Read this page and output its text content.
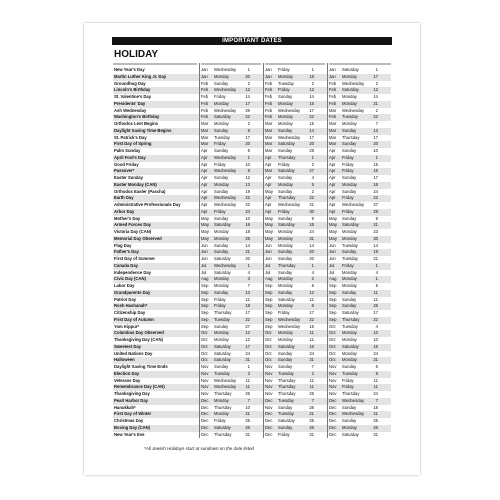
IMPORTANT DATES
HOLIDAY
New Year's Day	Jan	Wednesday	1	Jan	Friday	1	Jan	Saturday	1
Martin Luther King Jr. Day	Jan	Monday	20	Jan	Monday	18	Jan	Monday	17
Groundhog Day	Feb	Sunday	2	Feb	Tuesday	2	Feb	Wednesday	2
Lincoln's Birthday	Feb	Wednesday	12	Feb	Friday	12	Feb	Saturday	12
St. Valentine's Day	Feb	Friday	14	Feb	Sunday	14	Feb	Monday	14
Presidents' Day	Feb	Monday	17	Feb	Monday	15	Feb	Monday	21
Ash Wednesday	Feb	Wednesday	26	Feb	Wednesday	17	Mar	Wednesday	2
Washington's Birthday	Feb	Saturday	22	Feb	Monday	22	Feb	Tuesday	22
Orthodox Lent Begins	Mar	Monday	2	Mar	Monday	15	Mar	Monday	7
Daylight Saving Time Begins	Mar	Sunday	8	Mar	Sunday	14	Mar	Sunday	13
St. Patrick's Day	Mar	Tuesday	17	Mar	Wednesday	17	Mar	Thursday	17
First Day of Spring	Mar	Friday	20	Mar	Saturday	20	Mar	Sunday	20
Palm Sunday	Apr	Sunday	5	Mar	Sunday	28	Apr	Sunday	10
April Fool's Day	Apr	Wednesday	1	Apr	Thursday	1	Apr	Friday	1
Good Friday	Apr	Friday	10	Apr	Friday	2	Apr	Friday	15
Passover*	Apr	Wednesday	8	Mar	Saturday	27	Apr	Friday	15
Easter Sunday	Apr	Sunday	12	Apr	Sunday	4	Apr	Sunday	17
Easter Monday (CAN)	Apr	Monday	13	Apr	Monday	5	Apr	Monday	18
Orthodox Easter (Pascha)	Apr	Sunday	19	May	Sunday	2	Apr	Sunday	24
Earth Day	Apr	Wednesday	22	Apr	Thursday	22	Apr	Friday	22
Administrative Professionals Day	Apr	Wednesday	22	Apr	Wednesday	21	Apr	Wednesday	27
Arbor Day	Apr	Friday	24	Apr	Friday	30	Apr	Friday	29
Mother's Day	May	Sunday	10	May	Sunday	9	May	Sunday	8
Armed Forces Day	May	Saturday	16	May	Saturday	15	May	Saturday	21
Victoria Day (CAN)	May	Monday	18	May	Monday	24	May	Monday	23
Memorial Day Observed	May	Monday	25	May	Monday	31	May	Monday	30
Flag Day	Jun	Sunday	14	Jun	Monday	14	Jun	Tuesday	14
Father's Day	Jun	Sunday	21	Jun	Sunday	20	Jun	Sunday	19
First Day of Summer	Jun	Saturday	20	Jun	Sunday	20	Jun	Tuesday	21
Canada Day	Jul	Wednesday	1	Jul	Thursday	1	Jul	Friday	1
Independence Day	Jul	Saturday	4	Jul	Sunday	4	Jul	Monday	4
Civic Day (CAN)	Aug	Monday	3	Aug	Monday	2	Aug	Monday	1
Labor Day	Sep	Monday	7	Sep	Monday	6	Sep	Monday	5
Grandparents Day	Sep	Sunday	13	Sep	Sunday	12	Sep	Sunday	11
Patriot Day	Sep	Friday	11	Sep	Saturday	11	Sep	Sunday	11
Rosh Hashanah*	Sep	Friday	18	Sep	Monday	6	Sep	Sunday	25
Citizenship Day	Sep	Thursday	17	Sep	Friday	17	Sep	Saturday	17
First Day of Autumn	Sep	Tuesday	22	Sep	Wednesday	22	Sep	Thursday	22
Yom Kippur*	Sep	Sunday	27	Sep	Wednesday	15	Oct	Tuesday	4
Columbus Day Observed	Oct	Monday	12	Oct	Monday	11	Oct	Monday	10
Thanksgiving Day (CAN)	Oct	Monday	12	Oct	Monday	11	Oct	Monday	10
Sweetest Day	Oct	Saturday	17	Oct	Saturday	16	Oct	Saturday	15
United Nations Day	Oct	Saturday	24	Oct	Sunday	24	Oct	Monday	24
Halloween	Oct	Saturday	31	Oct	Sunday	31	Oct	Monday	31
Daylight Saving Time Ends	Nov	Sunday	1	Nov	Sunday	7	Nov	Sunday	6
Election Day	Nov	Tuesday	3	Nov	Tuesday	2	Nov	Tuesday	8
Veterans Day	Nov	Wednesday	11	Nov	Thursday	11	Nov	Friday	11
Remembrance Day (CAN)	Nov	Wednesday	11	Nov	Thursday	11	Nov	Friday	11
Thanksgiving Day	Nov	Thursday	26	Nov	Thursday	25	Nov	Thursday	24
Pearl Harbor Day	Dec	Monday	7	Dec	Tuesday	7	Dec	Wednesday	7
Hanukkah*	Dec	Thursday	10	Nov	Sunday	28	Dec	Sunday	18
First Day of Winter	Dec	Monday	21	Dec	Tuesday	21	Dec	Wednesday	21
Christmas Day	Dec	Friday	25	Dec	Saturday	25	Dec	Sunday	25
Boxing Day (CAN)	Dec	Saturday	26	Dec	Sunday	26	Dec	Monday	26
New Year's Eve	Dec	Thursday	31	Dec	Friday	31	Dec	Saturday	31
*All Jewish Holidays start at sundown on the date listed
